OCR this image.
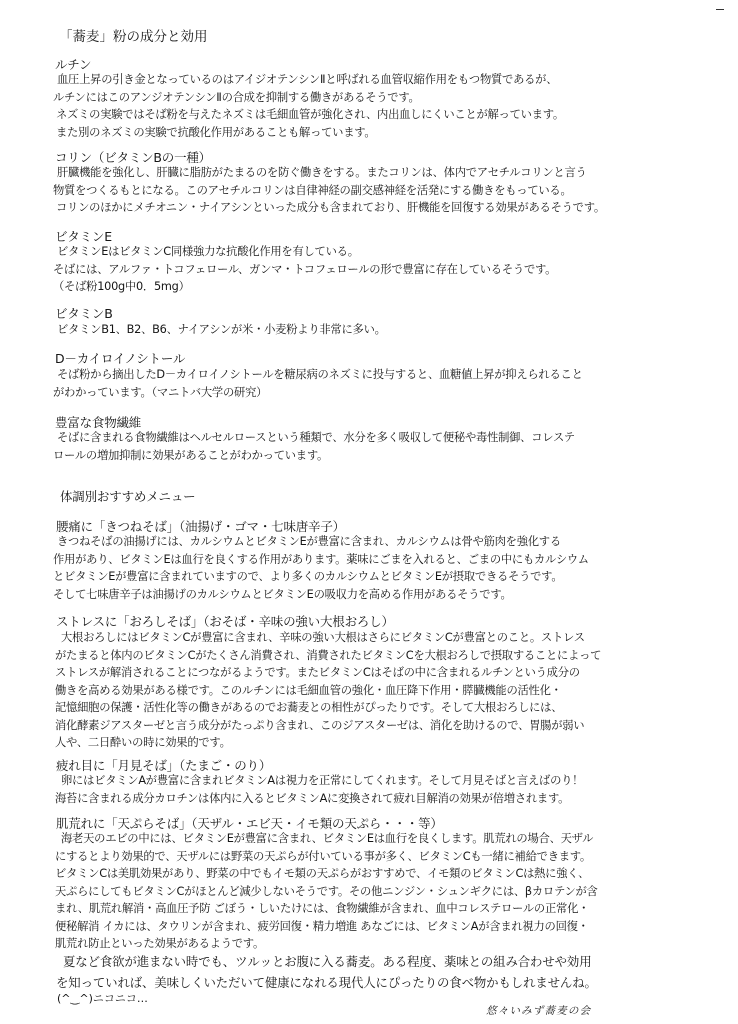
「蕎麦」粉の成分と効用
ルチン
血圧上昇の引き金となっているのはアイジオテンシンⅡと呼ばれる血管収縮作用をもつ物質であるが、
ルチンにはこのアンジオテンシンⅡの合成を抑制する働きがあるそうです。
ネズミの実験ではそば粉を与えたネズミは毛細血管が強化され、内出血しにくいことが解っています。
また別のネズミの実験で抗酸化作用があることも解っています。
コリン（ビタミンBの一種）
肝臓機能を強化し、肝臓に脂肪がたまるのを防ぐ働きをする。またコリンは、体内でアセチルコリンと言う
物質をつくるもとになる。このアセチルコリンは自律神経の副交感神経を活発にする働きをもっている。
コリンのほかにメチオニン・ナイアシンといった成分も含まれており、肝機能を回復する効果があるそうです。
ビタミンE
ビタミンEはビタミンC同様強力な抗酸化作用を有している。
そばには、アルファ・トコフェロール、ガンマ・トコフェロールの形で豊富に存在しているそうです。
（そば粉100g中0．5mg）
ビタミンB
ビタミンB1、B2、B6、ナイアシンが米・小麦粉より非常に多い。
D－カイロイノシトール
そば粉から摘出したD－カイロイノシトールを糖尿病のネズミに投与すると、血糖値上昇が抑えられること
がわかっています。（マニトバ大学の研究）
豊富な食物繊維
そばに含まれる食物繊維はヘルセルロースという種類で、水分を多く吸収して便秘や毒性制御、コレステ
ロールの増加抑制に効果があることがわかっています。
体調別おすすめメニュー
腰痛に「きつねそば」（油揚げ・ゴマ・七味唐辛子）
きつねそばの油揚げには、カルシウムとビタミンEが豊富に含まれ、カルシウムは骨や筋肉を強化する
作用があり、ビタミンEは血行を良くする作用があります。薬味にごまを入れると、ごまの中にもカルシウム
とビタミンEが豊富に含まれていますので、より多くのカルシウムとビタミンEが摂取できるそうです。
そして七味唐辛子は油揚げのカルシウムとビタミンEの吸収力を高める作用があるそうです。
ストレスに「おろしそば」（おそば・辛味の強い大根おろし）
大根おろしにはビタミンCが豊富に含まれ、辛味の強い大根はさらにビタミンCが豊富とのこと。ストレス
がたまると体内のビタミンCがたくさん消費され、消費されたビタミンCを大根おろしで摂取することによって
ストレスが解消されることにつながるようです。またビタミンCはそばの中に含まれるルチンという成分の
働きを高める効果がある様です。このルチンには毛細血管の強化・血圧降下作用・膵臓機能の活性化・
記憶細胞の保護・活性化等の働きがあるのでお蕎麦との相性がぴったりです。そして大根おろしには、
消化酵素ジアスターゼと言う成分がたっぷり含まれ、このジアスターゼは、消化を助けるので、胃腸が弱い
人や、二日酔いの時に効果的です。
疲れ目に「月見そば」（たまご・のり）
卵にはビタミンAが豊富に含まれビタミンAは視力を正常にしてくれます。そして月見そばと言えばのり！
海苔に含まれる成分カロチンは体内に入るとビタミンAに変換されて疲れ目解消の効果が倍増されます。
肌荒れに「天ぷらそば」（天ザル・エビ天・イモ類の天ぷら・・・等）
海老天のエビの中には、ビタミンEが豊富に含まれ、ビタミンEは血行を良くします。肌荒れの場合、天ザル
にするとより効果的で、天ザルには野菜の天ぷらが付いている事が多く、ビタミンCも一緒に補給できます。
ビタミンCは美肌効果があり、野菜の中でもイモ類の天ぷらがおすすめで、イモ類のビタミンCは熱に強く、
天ぷらにしてもビタミンCがほとんど減少しないそうです。その他ニンジン・シュンギクには、βカロテンが含
まれ、肌荒れ解消・高血圧予防 ごぼう・しいたけには、食物繊維が含まれ、血中コレステロールの正常化・
便秘解消 イカには、タウリンが含まれ、疲労回復・精力増進 あなごには、ビタミンAが含まれ視力の回復・
肌荒れ防止といった効果があるようです。
夏など食欲が進まない時でも、ツルッとお腹に入る蕎麦。ある程度、薬味との組み合わせや効用
を知っていれば、美味しくいただいて健康になれる現代人にぴったりの食べ物かもしれませんね。
(^‿^)ニコニコ…
悠々いみず蕎麦の会
